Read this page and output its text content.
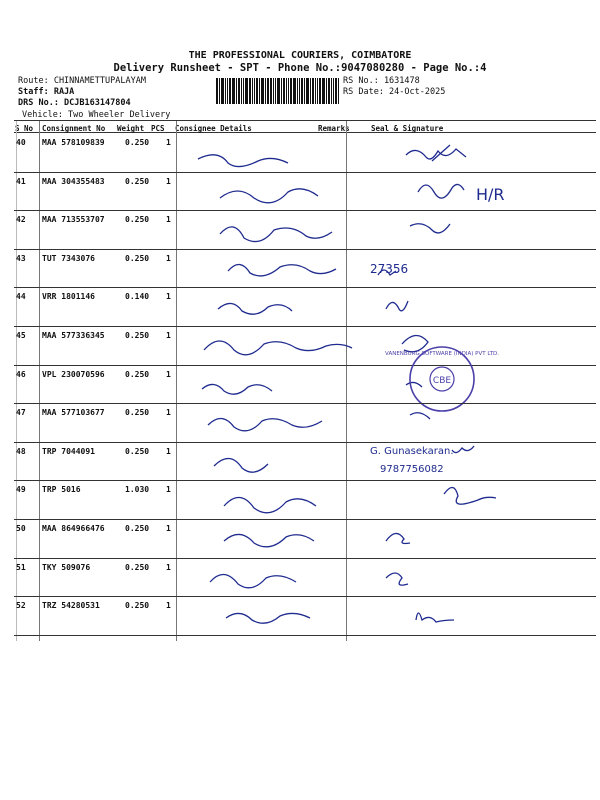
THE PROFESSIONAL COURIERS, COIMBATORE
Delivery Runsheet - SPT - Phone No.:9047080280 - Page No.:4
Route: CHINNAMETTUPALAYAM
Staff: RAJA
DRS No.: DCJB163147804
Vehicle: Two Wheeler Delivery
RS No.: 1631478
RS Date: 24-Oct-2025
S No Consignment No Weight PCS Consignee Details	Remarks	Seal & Signature
40 MAA 578109839	0.250 1
41 MAA 304355483	0.250 1
H/R
42 MAA 713553707	0.250 1
43 TUT 7343076	0.250 1
27356
44 VRR 1801146	0.140 1
45 MAA 577336345	0.250 1
46 VPL 230070596	0.250 1
CBE
VANENBURG SOFTWARE (INDIA) PVT LTD.
47 MAA 577103677	0.250 1
48 TRP 7044091	0.250 1	G. Gunasekaran.
9787756082
49 TRP 5016	1.030 1
50 MAA 864966476	0.250 1
51 TKY 509076	0.250 1
52 TRZ 54280531	0.250 1
